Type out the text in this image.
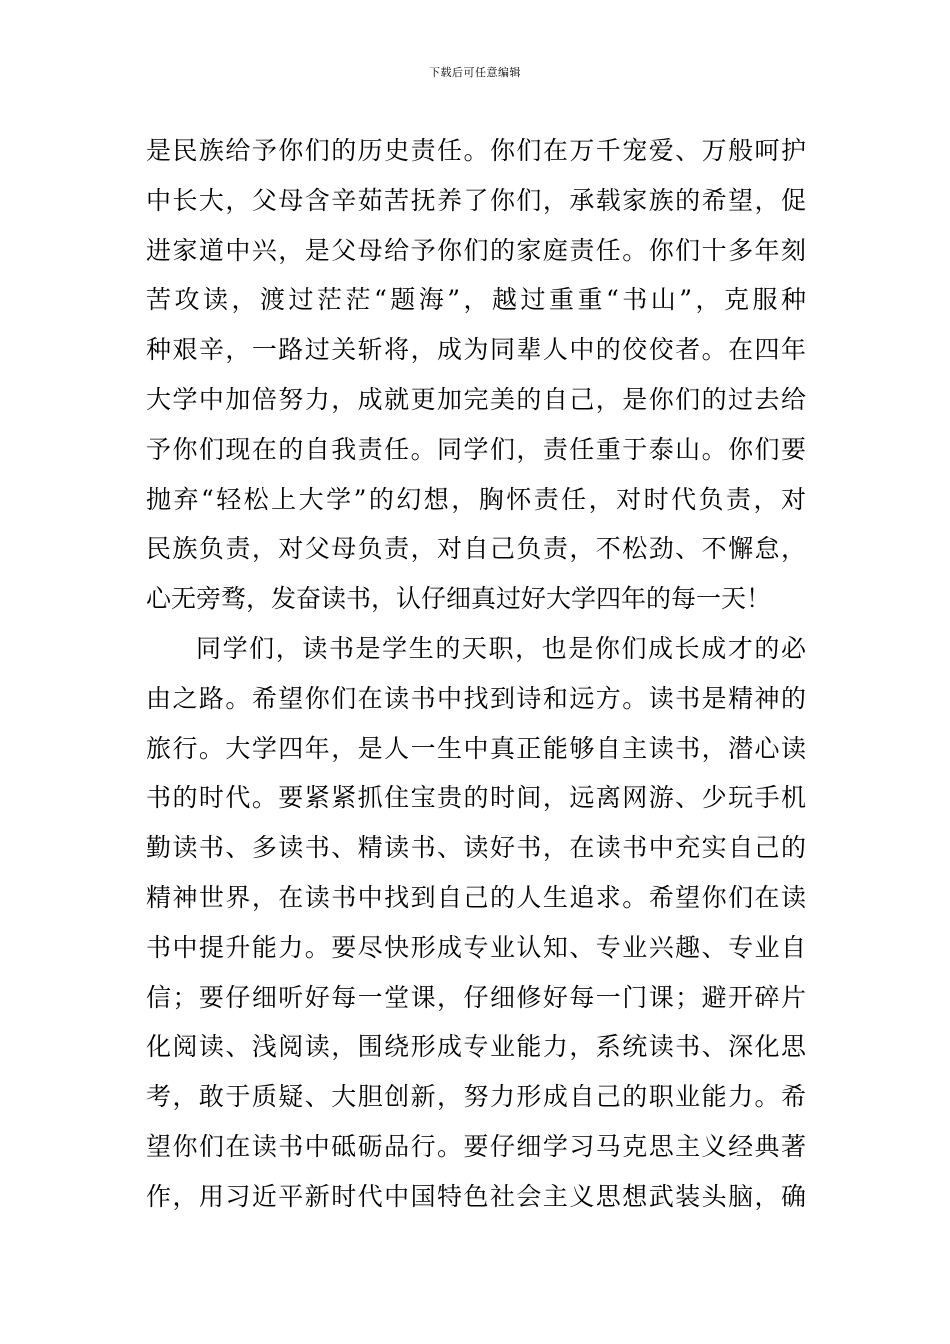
下载后可任意编辑
是民族给予你们的历史责任。你们在万千宠爱、万般呵护
中长大，父母含辛茹苦抚养了你们，承载家族的希望，促
进家道中兴，是父母给予你们的家庭责任。你们十多年刻
苦攻读，渡过茫茫“题海”，越过重重“书山”，克服种
种艰辛，一路过关斩将，成为同辈人中的佼佼者。在四年
大学中加倍努力，成就更加完美的自己，是你们的过去给
予你们现在的自我责任。同学们，责任重于泰山。你们要
抛弃“轻松上大学”的幻想，胸怀责任，对时代负责，对
民族负责，对父母负责，对自己负责，不松劲、不懈怠，
心无旁骛，发奋读书，认仔细真过好大学四年的每一天！
同学们，读书是学生的天职，也是你们成长成才的必
由之路。希望你们在读书中找到诗和远方。读书是精神的
旅行。大学四年，是人一生中真正能够自主读书，潜心读
书的时代。要紧紧抓住宝贵的时间，远离网游、少玩手机
勤读书、多读书、精读书、读好书，在读书中充实自己的
精神世界，在读书中找到自己的人生追求。希望你们在读
书中提升能力。要尽快形成专业认知、专业兴趣、专业自
信；要仔细听好每一堂课，仔细修好每一门课；避开碎片
化阅读、浅阅读，围绕形成专业能力，系统读书、深化思
考，敢于质疑、大胆创新，努力形成自己的职业能力。希
望你们在读书中砥砺品行。要仔细学习马克思主义经典著
作，用习近平新时代中国特色社会主义思想武装头脑，确
